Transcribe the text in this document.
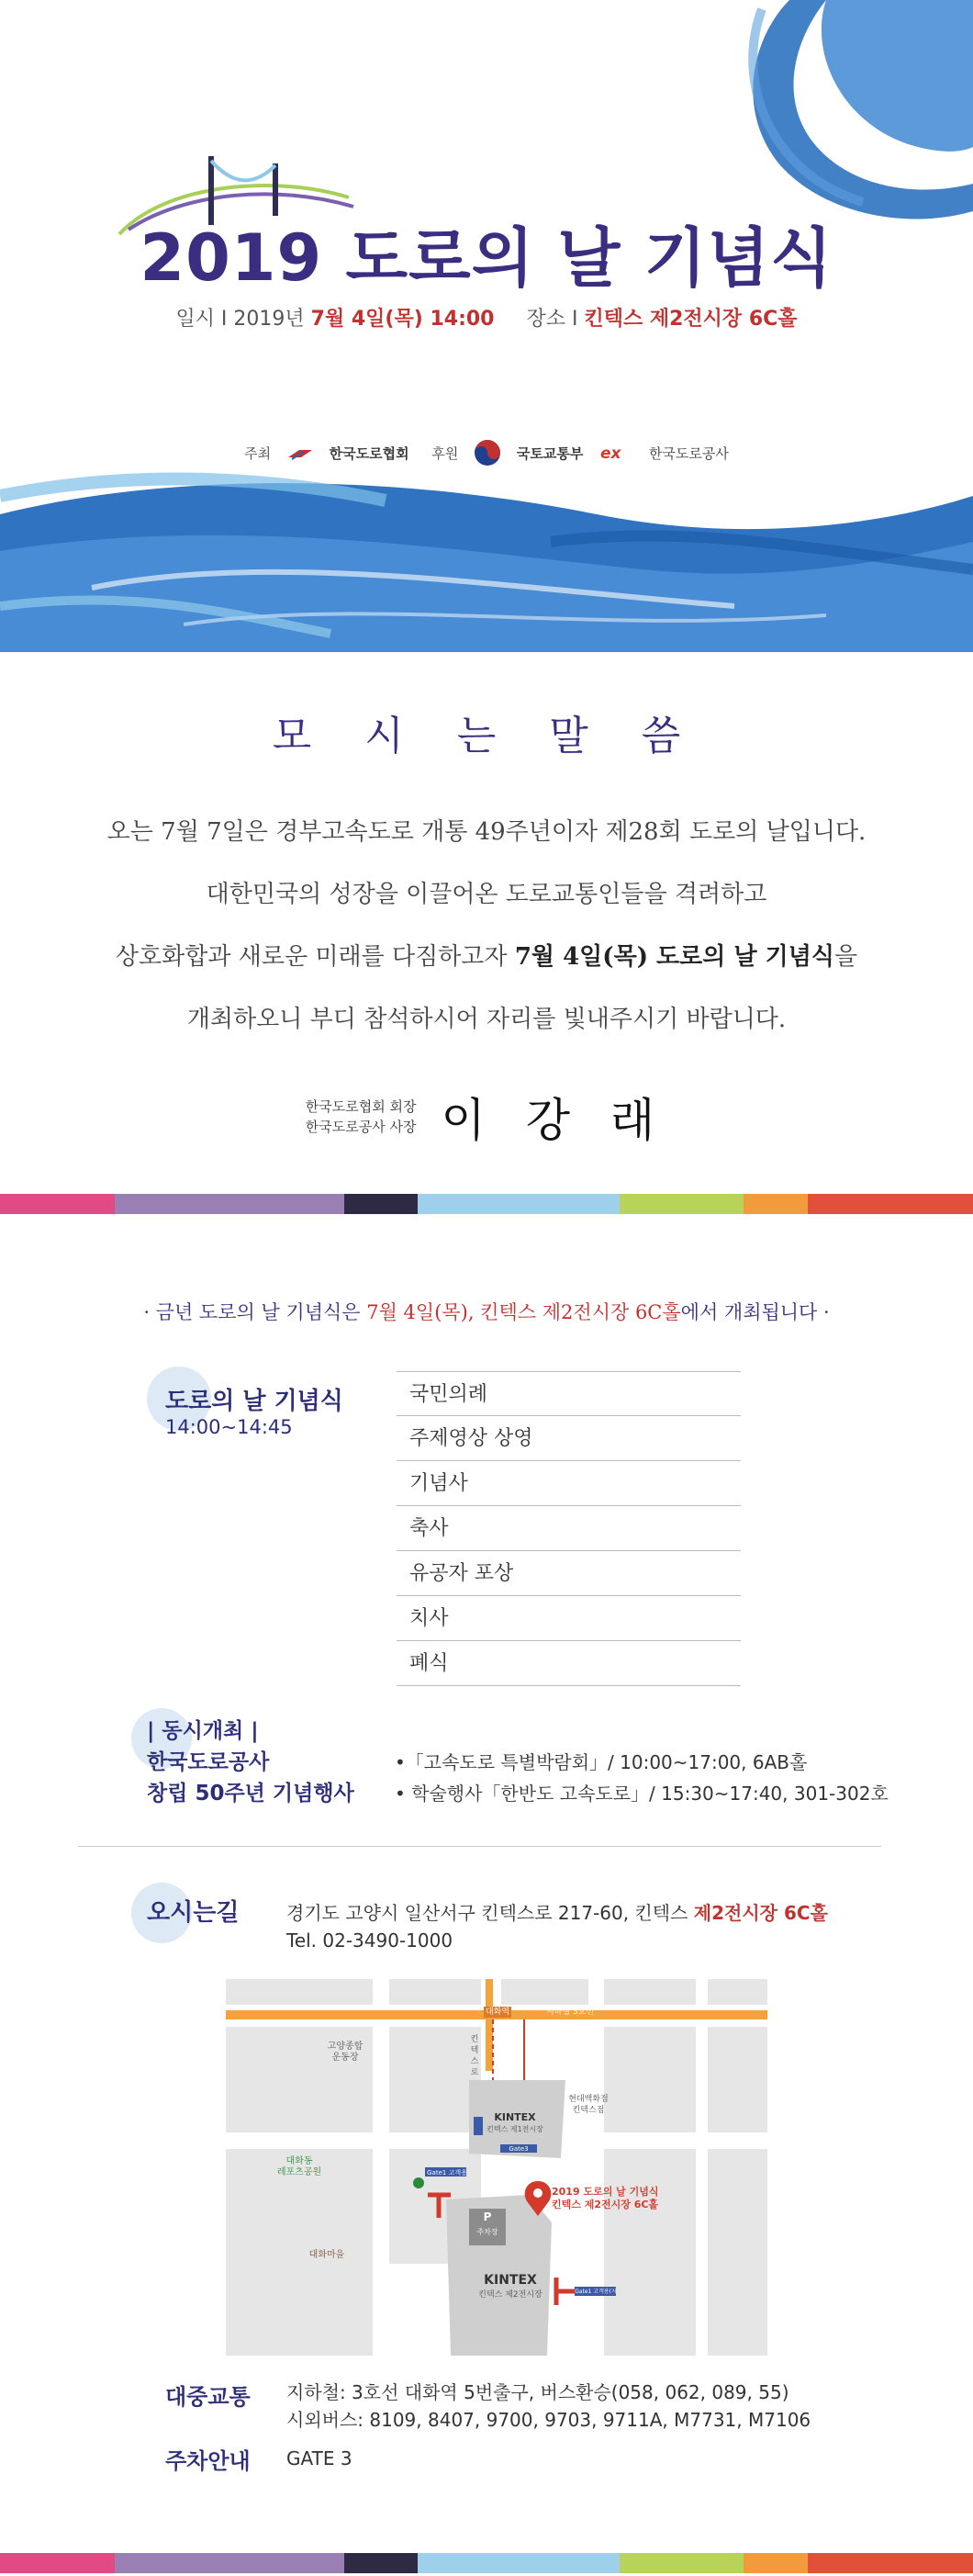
2019 도로의 날 기념식
일시 I 2019년 7월 4일(목) 14:00 장소 I 킨텍스 제2전시장 6C홀
주최	한국도로협회 후원	국토교통부 ex 한국도로공사
모 시 는 말 씀
오는 7월 7일은 경부고속도로 개통 49주년이자 제28회 도로의 날입니다.
대한민국의 성장을 이끌어온 도로교통인들을 격려하고
상호화합과 새로운 미래를 다짐하고자 7월 4일(목) 도로의 날 기념식을
개최하오니 부디 참석하시어 자리를 빛내주시기 바랍니다.
한국도로협회 회장
한국도로공사 사장 이 강 래
· 금년 도로의 날 기념식은 7월 4일(목), 킨텍스 제2전시장 6C홀에서 개최됩니다 ·
도로의 날 기념식
14:00~14:45
국민의례
주제영상 상영
기념사
축사
유공자 포상
치사
폐식
| 동시개최 |
한국도로공사
창립 50주년 기념행사
•「고속도로 특별박람회」/ 10:00~17:00, 6AB홀
• 학술행사「한반도 고속도로」/ 15:30~17:40, 301-302호
오시는길	경기도 고양시 일산서구 킨텍스로 217-60, 킨텍스 제2전시장 6C홀
Tel. 02-3490-1000
대화역	지하철 3호선
킨텍스로
고양종합
운동장
대화동
레포츠공원
대화마을
현대백화점
킨텍스점
KINTEX
킨텍스 제1전시장
P
주차장
KINTEX
킨텍스 제2전시장
Gate1 고객용
Gate3
Gate1 고객용(자가)
2019 도로의 날 기념식
킨텍스 제2전시장 6C홀
대중교통 지하철: 3호선 대화역 5번출구, 버스환승(058, 062, 089, 55)
시외버스: 8109, 8407, 9700, 9703, 9711A, M7731, M7106
주차안내 GATE 3
